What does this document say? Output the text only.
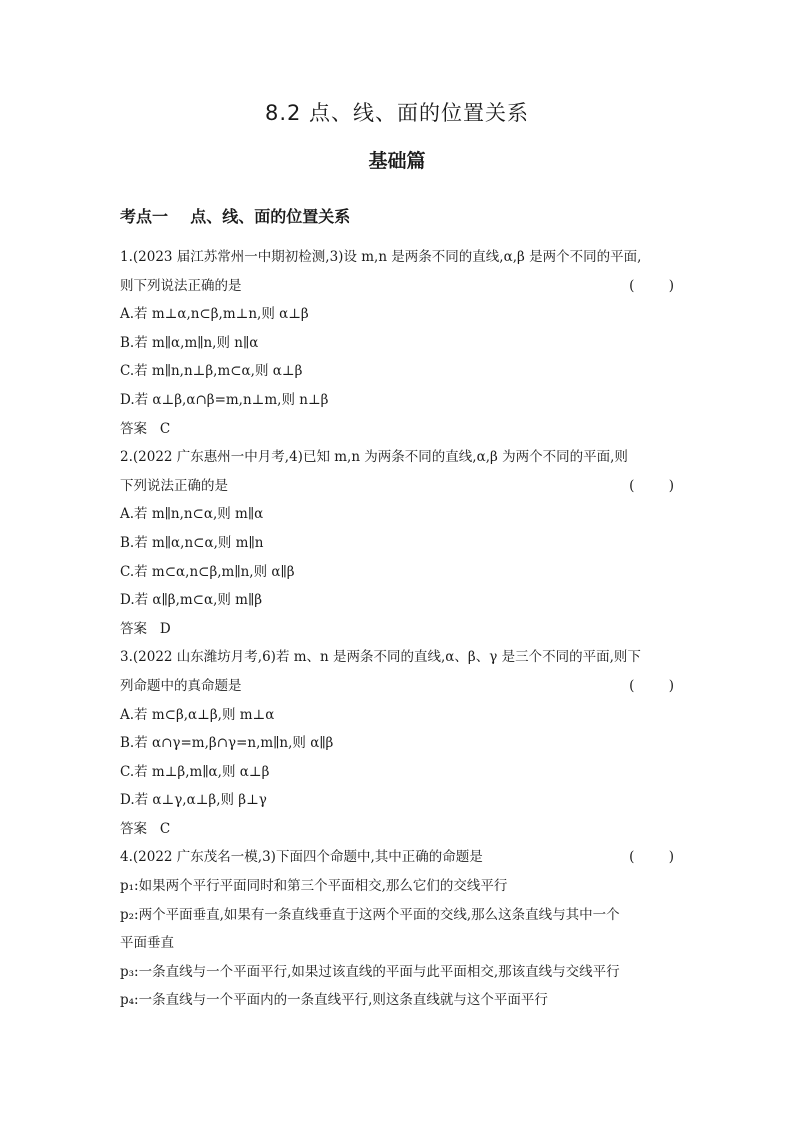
8.2 点、线、面的位置关系
基础篇
考点一    点、线、面的位置关系
1.(2023 届江苏常州一中期初检测,3)设 m,n 是两条不同的直线,α,β 是两个不同的平面,
则下列说法正确的是	(        )
A.若 m⊥α,n⊂β,m⊥n,则 α⊥β
B.若 m∥α,m∥n,则 n∥α
C.若 m∥n,n⊥β,m⊂α,则 α⊥β
D.若 α⊥β,α∩β=m,n⊥m,则 n⊥β
答案   C
2.(2022 广东惠州一中月考,4)已知 m,n 为两条不同的直线,α,β 为两个不同的平面,则
下列说法正确的是	(        )
A.若 m∥n,n⊂α,则 m∥α
B.若 m∥α,n⊂α,则 m∥n
C.若 m⊂α,n⊂β,m∥n,则 α∥β
D.若 α∥β,m⊂α,则 m∥β
答案   D
3.(2022 山东潍坊月考,6)若 m、n 是两条不同的直线,α、β、γ 是三个不同的平面,则下
列命题中的真命题是	(        )
A.若 m⊂β,α⊥β,则 m⊥α
B.若 α∩γ=m,β∩γ=n,m∥n,则 α∥β
C.若 m⊥β,m∥α,则 α⊥β
D.若 α⊥γ,α⊥β,则 β⊥γ
答案   C
4.(2022 广东茂名一模,3)下面四个命题中,其中正确的命题是	(        )
p₁:如果两个平行平面同时和第三个平面相交,那么它们的交线平行
p₂:两个平面垂直,如果有一条直线垂直于这两个平面的交线,那么这条直线与其中一个
平面垂直
p₃:一条直线与一个平面平行,如果过该直线的平面与此平面相交,那该直线与交线平行
p₄:一条直线与一个平面内的一条直线平行,则这条直线就与这个平面平行
